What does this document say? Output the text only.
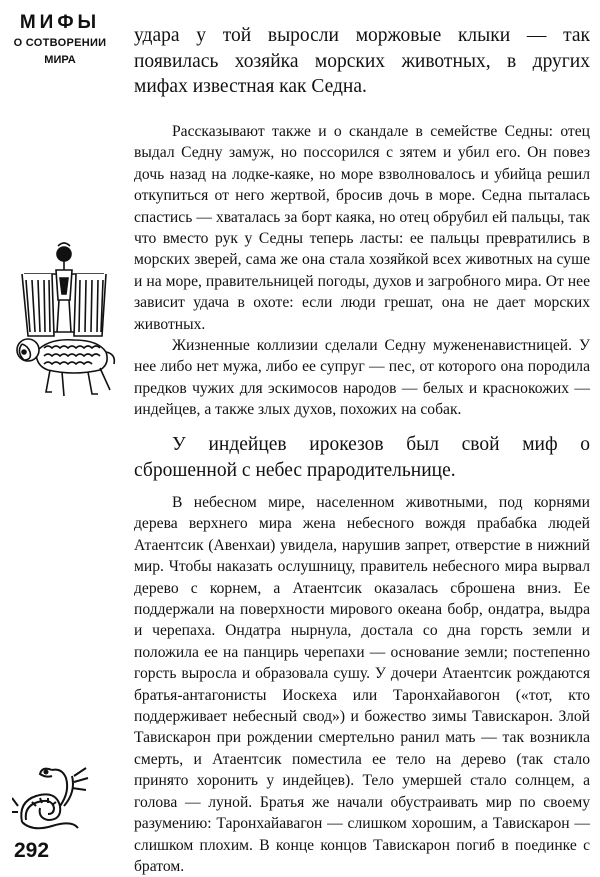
МИФЫ
О СОТВОРЕНИИ
МИРА
292

удара у той выросли моржовые клыки — так появилась хозяйка морских животных, в других мифах известная как Седна.

Рассказывают также и о скандале в семействе Седны: отец выдал Седну замуж, но поссорился с зятем и убил его. Он повез дочь назад на лодке-каяке, но море взволновалось и убийца решил откупиться от него жертвой, бросив дочь в море. Седна пыталась спастись — хваталась за борт каяка, но отец обрубил ей пальцы, так что вместо рук у Седны теперь ласты: ее пальцы превратились в морских зверей, сама же она стала хозяйкой всех животных на суше и на море, правительницей погоды, духов и загробного мира. От нее зависит удача в охоте: если люди грешат, она не дает морских животных.

Жизненные коллизии сделали Седну мужененавистницей. У нее либо нет мужа, либо ее супруг — пес, от которого она породила предков чужих для эскимосов народов — белых и краснокожих — индейцев, а также злых духов, похожих на собак.

У индейцев ирокезов был свой миф о сброшенной с небес прародительнице.

В небесном мире, населенном животными, под корнями дерева верхнего мира жена небесного вождя прабабка людей Атаентсик (Авенхаи) увидела, нарушив запрет, отверстие в нижний мир. Чтобы наказать ослушницу, правитель небесного мира вырвал дерево с корнем, а Атаентсик оказалась сброшена вниз. Ее поддержали на поверхности мирового океана бобр, ондатра, выдра и черепаха. Ондатра нырнула, достала со дна горсть земли и положила ее на панцирь черепахи — основание земли; постепенно горсть выросла и образовала сушу. У дочери Атаентсик рождаются братья-антагонисты Иоскеха или Таронхайавогон («тот, кто поддерживает небесный свод») и божество зимы Тавискарон. Злой Тавискарон при рождении смертельно ранил мать — так возникла смерть, и Атаентсик поместила ее тело на дерево (так стало принято хоронить у индейцев). Тело умершей стало солнцем, а голова — луной. Братья же начали обустраивать мир по своему разумению: Таронхайавагон — слишком хорошим, а Тавискарон — слишком плохим. В конце концов Тавискарон погиб в поединке с братом.
